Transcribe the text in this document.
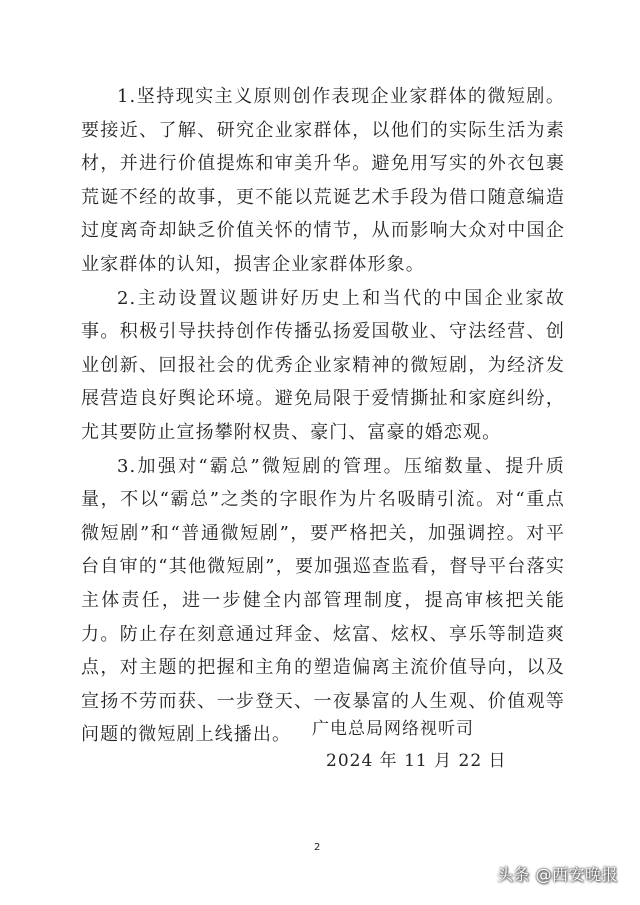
1.坚持现实主义原则创作表现企业家群体的微短剧。要接近、了解、研究企业家群体，以他们的实际生活为素材，并进行价值提炼和审美升华。避免用写实的外衣包裹荒诞不经的故事，更不能以荒诞艺术手段为借口随意编造过度离奇却缺乏价值关怀的情节，从而影响大众对中国企业家群体的认知，损害企业家群体形象。

2.主动设置议题讲好历史上和当代的中国企业家故事。积极引导扶持创作传播弘扬爱国敬业、守法经营、创业创新、回报社会的优秀企业家精神的微短剧，为经济发展营造良好舆论环境。避免局限于爱情撕扯和家庭纠纷，尤其要防止宣扬攀附权贵、豪门、富豪的婚恋观。

3.加强对“霸总”微短剧的管理。压缩数量、提升质量，不以“霸总”之类的字眼作为片名吸睛引流。对“重点微短剧”和“普通微短剧”，要严格把关，加强调控。对平台自审的“其他微短剧”，要加强巡查监看，督导平台落实主体责任，进一步健全内部管理制度，提高审核把关能力。防止存在刻意通过拜金、炫富、炫权、享乐等制造爽点，对主题的把握和主角的塑造偏离主流价值导向，以及宣扬不劳而获、一步登天、一夜暴富的人生观、价值观等问题的微短剧上线播出。	广电总局网络视听司
2024 年 11 月 22 日
2
头条 @西安晚报
